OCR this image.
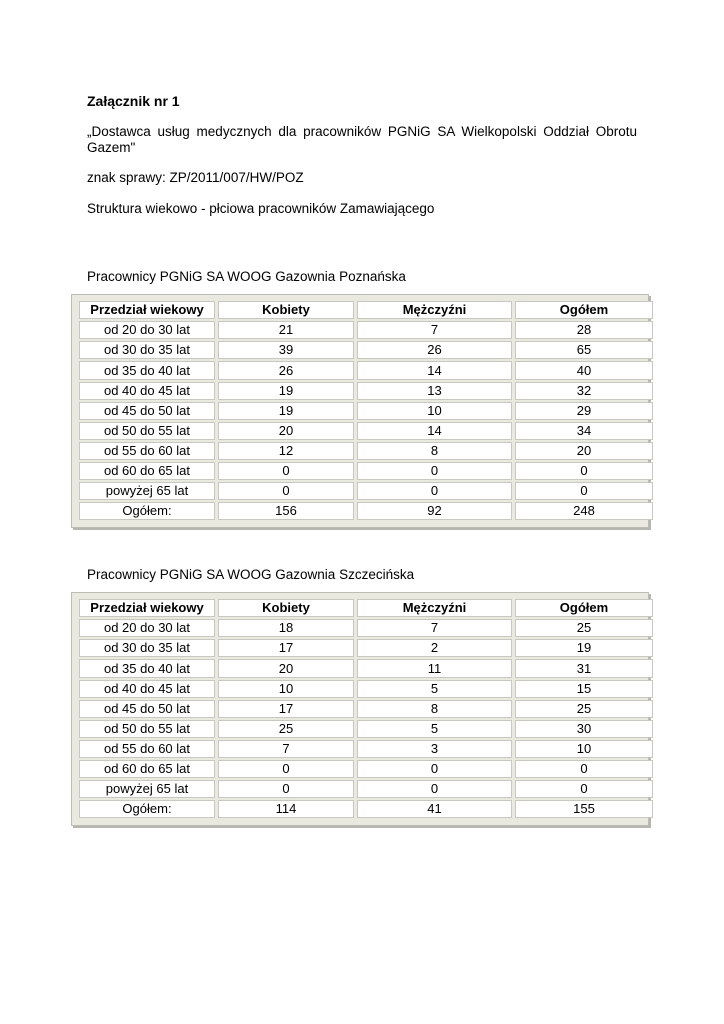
Załącznik nr 1

„Dostawca usług medycznych dla pracowników PGNiG SA Wielkopolski Oddział Obrotu Gazem"

znak sprawy: ZP/2011/007/HW/POZ

Struktura wiekowo - płciowa pracowników Zamawiającego

Pracownicy PGNiG SA WOOG Gazownia Poznańska

Przedział wiekowy	Kobiety	Mężczyźni	Ogółem
od 20 do 30 lat	21	7	28
od 30 do 35 lat	39	26	65
od 35 do 40 lat	26	14	40
od 40 do 45 lat	19	13	32
od 45 do 50 lat	19	10	29
od 50 do 55 lat	20	14	34
od 55 do 60 lat	12	8	20
od 60 do 65 lat	0	0	0
powyżej 65 lat	0	0	0
Ogółem:	156	92	248

Pracownicy PGNiG SA WOOG Gazownia Szczecińska

Przedział wiekowy	Kobiety	Mężczyźni	Ogółem
od 20 do 30 lat	18	7	25
od 30 do 35 lat	17	2	19
od 35 do 40 lat	20	11	31
od 40 do 45 lat	10	5	15
od 45 do 50 lat	17	8	25
od 50 do 55 lat	25	5	30
od 55 do 60 lat	7	3	10
od 60 do 65 lat	0	0	0
powyżej 65 lat	0	0	0
Ogółem:	114	41	155
